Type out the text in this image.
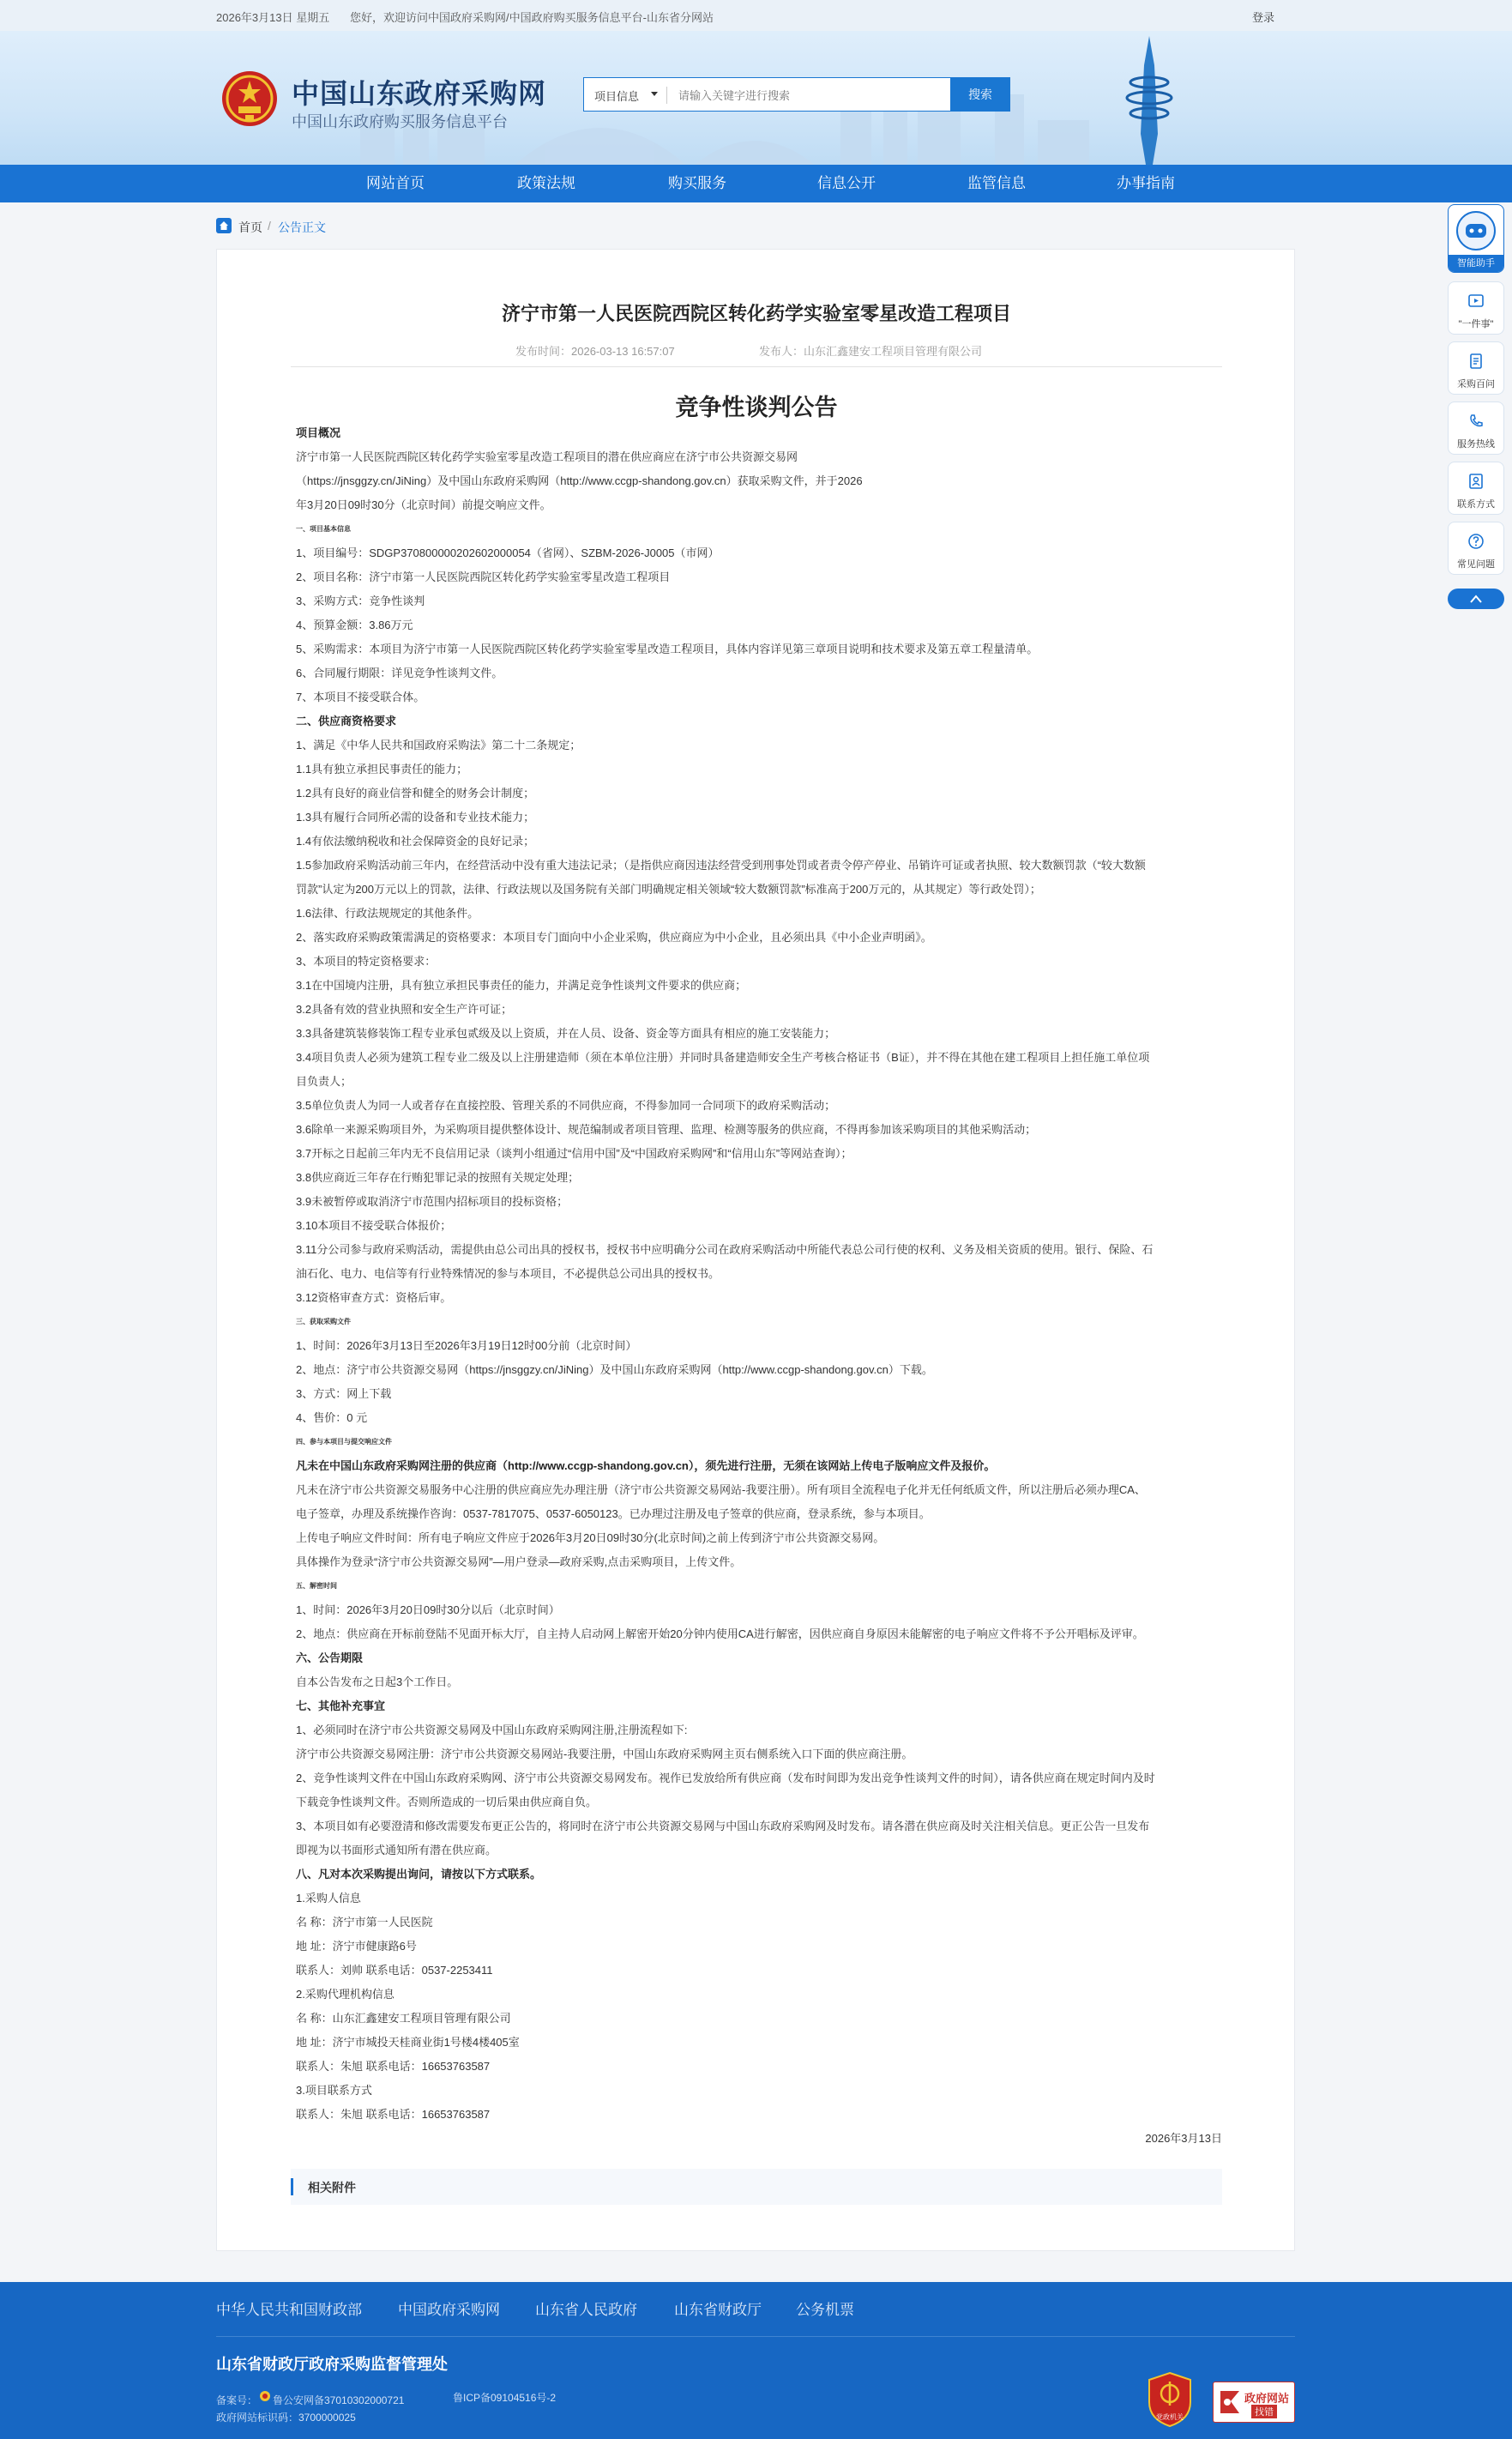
2026年3月13日 星期五 您好，欢迎访问中国政府采购网/中国政府购买服务信息平台-山东省分网站	登录
中国山东政府采购网
中国山东政府购买服务信息平台
项目信息
请输入关键字进行搜索	搜索
网站首页	政策法规	购买服务	信息公开	监管信息	办事指南
首页 / 公告正文
济宁市第一人民医院西院区转化药学实验室零星改造工程项目
发布时间：2026-03-13 16:57:07	发布人：山东汇鑫建安工程项目管理有限公司
竞争性谈判公告
项目概况
济宁市第一人民医院西院区转化药学实验室零星改造工程项目的潜在供应商应在济宁市公共资源交易网
（https://jnsggzy.cn/JiNing）及中国山东政府采购网（http://www.ccgp-shandong.gov.cn）获取采购文件，并于2026
年3月20日09时30分（北京时间）前提交响应文件。
一、项目基本信息
1、项目编号：SDGP370800000202602000054（省网）、SZBM-2026-J0005（市网）
2、项目名称：济宁市第一人民医院西院区转化药学实验室零星改造工程项目
3、采购方式：竞争性谈判
4、预算金额：3.86万元
5、采购需求：本项目为济宁市第一人民医院西院区转化药学实验室零星改造工程项目，具体内容详见第三章项目说明和技术要求及第五章工程量清单。
6、合同履行期限：详见竞争性谈判文件。
7、本项目不接受联合体。
二、供应商资格要求
1、满足《中华人民共和国政府采购法》第二十二条规定；
1.1具有独立承担民事责任的能力；
1.2具有良好的商业信誉和健全的财务会计制度；
1.3具有履行合同所必需的设备和专业技术能力；
1.4有依法缴纳税收和社会保障资金的良好记录；
1.5参加政府采购活动前三年内，在经营活动中没有重大违法记录；（是指供应商因违法经营受到刑事处罚或者责令停产停业、吊销许可证或者执照、较大数额罚款（“较大数额
罚款”认定为200万元以上的罚款，法律、行政法规以及国务院有关部门明确规定相关领域“较大数额罚款”标准高于200万元的，从其规定）等行政处罚）；
1.6法律、行政法规规定的其他条件。
2、落实政府采购政策需满足的资格要求：本项目专门面向中小企业采购，供应商应为中小企业，且必须出具《中小企业声明函》。
3、本项目的特定资格要求：
3.1在中国境内注册，具有独立承担民事责任的能力，并满足竞争性谈判文件要求的供应商；
3.2具备有效的营业执照和安全生产许可证；
3.3具备建筑装修装饰工程专业承包贰级及以上资质，并在人员、设备、资金等方面具有相应的施工安装能力；
3.4项目负责人必须为建筑工程专业二级及以上注册建造师（须在本单位注册）并同时具备建造师安全生产考核合格证书（B证），并不得在其他在建工程项目上担任施工单位项
目负责人；
3.5单位负责人为同一人或者存在直接控股、管理关系的不同供应商，不得参加同一合同项下的政府采购活动；
3.6除单一来源采购项目外，为采购项目提供整体设计、规范编制或者项目管理、监理、检测等服务的供应商，不得再参加该采购项目的其他采购活动；
3.7开标之日起前三年内无不良信用记录（谈判小组通过“信用中国”及“中国政府采购网”和“信用山东”等网站查询）；
3.8供应商近三年存在行贿犯罪记录的按照有关规定处理；
3.9未被暂停或取消济宁市范围内招标项目的投标资格；
3.10本项目不接受联合体报价；
3.11分公司参与政府采购活动，需提供由总公司出具的授权书，授权书中应明确分公司在政府采购活动中所能代表总公司行使的权利、义务及相关资质的使用。银行、保险、石
油石化、电力、电信等有行业特殊情况的参与本项目，不必提供总公司出具的授权书。
3.12资格审查方式：资格后审。
三、获取采购文件
1、时间：2026年3月13日至2026年3月19日12时00分前（北京时间）
2、地点：济宁市公共资源交易网（https://jnsggzy.cn/JiNing）及中国山东政府采购网（http://www.ccgp-shandong.gov.cn）下载。
3、方式：网上下载
4、售价：0 元
四、参与本项目与提交响应文件
凡未在中国山东政府采购网注册的供应商（http://www.ccgp-shandong.gov.cn），须先进行注册，无须在该网站上传电子版响应文件及报价。
凡未在济宁市公共资源交易服务中心注册的供应商应先办理注册（济宁市公共资源交易网站-我要注册）。所有项目全流程电子化并无任何纸质文件，所以注册后必须办理CA、
电子签章，办理及系统操作咨询：0537-7817075、0537-6050123。已办理过注册及电子签章的供应商，登录系统，参与本项目。
上传电子响应文件时间：所有电子响应文件应于2026年3月20日09时30分(北京时间)之前上传到济宁市公共资源交易网。
具体操作为登录“济宁市公共资源交易网”—用户登录—政府采购,点击采购项目，上传文件。
五、解密时间
1、时间：2026年3月20日09时30分以后（北京时间）
2、地点：供应商在开标前登陆不见面开标大厅，自主持人启动网上解密开始20分钟内使用CA进行解密，因供应商自身原因未能解密的电子响应文件将不予公开唱标及评审。
六、公告期限
自本公告发布之日起3个工作日。
七、其他补充事宜
1、必须同时在济宁市公共资源交易网及中国山东政府采购网注册,注册流程如下:
济宁市公共资源交易网注册：济宁市公共资源交易网站-我要注册，中国山东政府采购网主页右侧系统入口下面的供应商注册。
2、竞争性谈判文件在中国山东政府采购网、济宁市公共资源交易网发布。视作已发放给所有供应商（发布时间即为发出竞争性谈判文件的时间），请各供应商在规定时间内及时
下载竞争性谈判文件。否则所造成的一切后果由供应商自负。
3、本项目如有必要澄清和修改需要发布更正公告的，将同时在济宁市公共资源交易网与中国山东政府采购网及时发布。请各潜在供应商及时关注相关信息。更正公告一旦发布
即视为以书面形式通知所有潜在供应商。
八、凡对本次采购提出询问，请按以下方式联系。
1.采购人信息
名 称：济宁市第一人民医院
地 址：济宁市健康路6号
联系人：刘帅 联系电话：0537-2253411
2.采购代理机构信息
名 称：山东汇鑫建安工程项目管理有限公司
地 址：济宁市城投天桂商业街1号楼4楼405室
联系人：朱旭 联系电话：16653763587
3.项目联系方式
联系人：朱旭 联系电话：16653763587
2026年3月13日
相关附件
智能助手
"一件事"
采购百问
服务热线
联系方式
常见问题
中华人民共和国财政部 中国政府采购网 山东省人民政府	山东省财政厅 公务机票
山东省财政厅政府采购监督管理处
备案号： 鲁公安网备37010302000721	鲁ICP备09104516号-2
政府网站标识码：3700000025	党政机关
政府网站
找错
